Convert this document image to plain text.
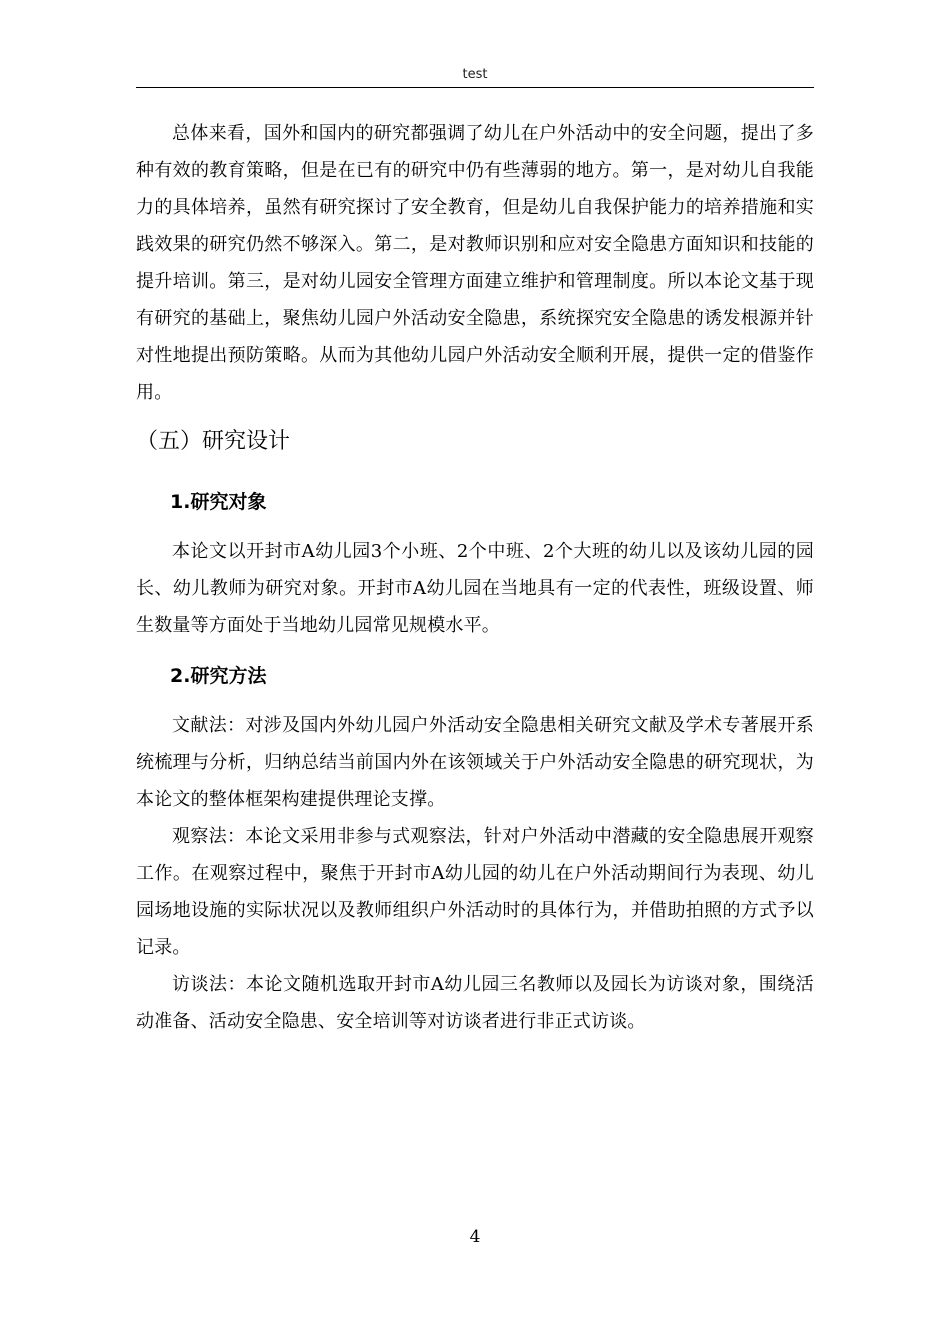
test

总体来看，国外和国内的研究都强调了幼儿在户外活动中的安全问题，提出了多种有效的教育策略，但是在已有的研究中仍有些薄弱的地方。第一，是对幼儿自我能力的具体培养，虽然有研究探讨了安全教育，但是幼儿自我保护能力的培养措施和实践效果的研究仍然不够深入。第二，是对教师识别和应对安全隐患方面知识和技能的提升培训。第三，是对幼儿园安全管理方面建立维护和管理制度。所以本论文基于现有研究的基础上，聚焦幼儿园户外活动安全隐患，系统探究安全隐患的诱发根源并针对性地提出预防策略。从而为其他幼儿园户外活动安全顺利开展，提供一定的借鉴作用。

（五）研究设计
1.研究对象

本论文以开封市A幼儿园3个小班、2个中班、2个大班的幼儿以及该幼儿园的园长、幼儿教师为研究对象。开封市A幼儿园在当地具有一定的代表性，班级设置、师生数量等方面处于当地幼儿园常见规模水平。

2.研究方法

文献法：对涉及国内外幼儿园户外活动安全隐患相关研究文献及学术专著展开系统梳理与分析，归纳总结当前国内外在该领域关于户外活动安全隐患的研究现状，为本论文的整体框架构建提供理论支撑。

观察法：本论文采用非参与式观察法，针对户外活动中潜藏的安全隐患展开观察工作。在观察过程中，聚焦于开封市A幼儿园的幼儿在户外活动期间行为表现、幼儿园场地设施的实际状况以及教师组织户外活动时的具体行为，并借助拍照的方式予以记录。

访谈法：本论文随机选取开封市A幼儿园三名教师以及园长为访谈对象，围绕活动准备、活动安全隐患、安全培训等对访谈者进行非正式访谈。

4
